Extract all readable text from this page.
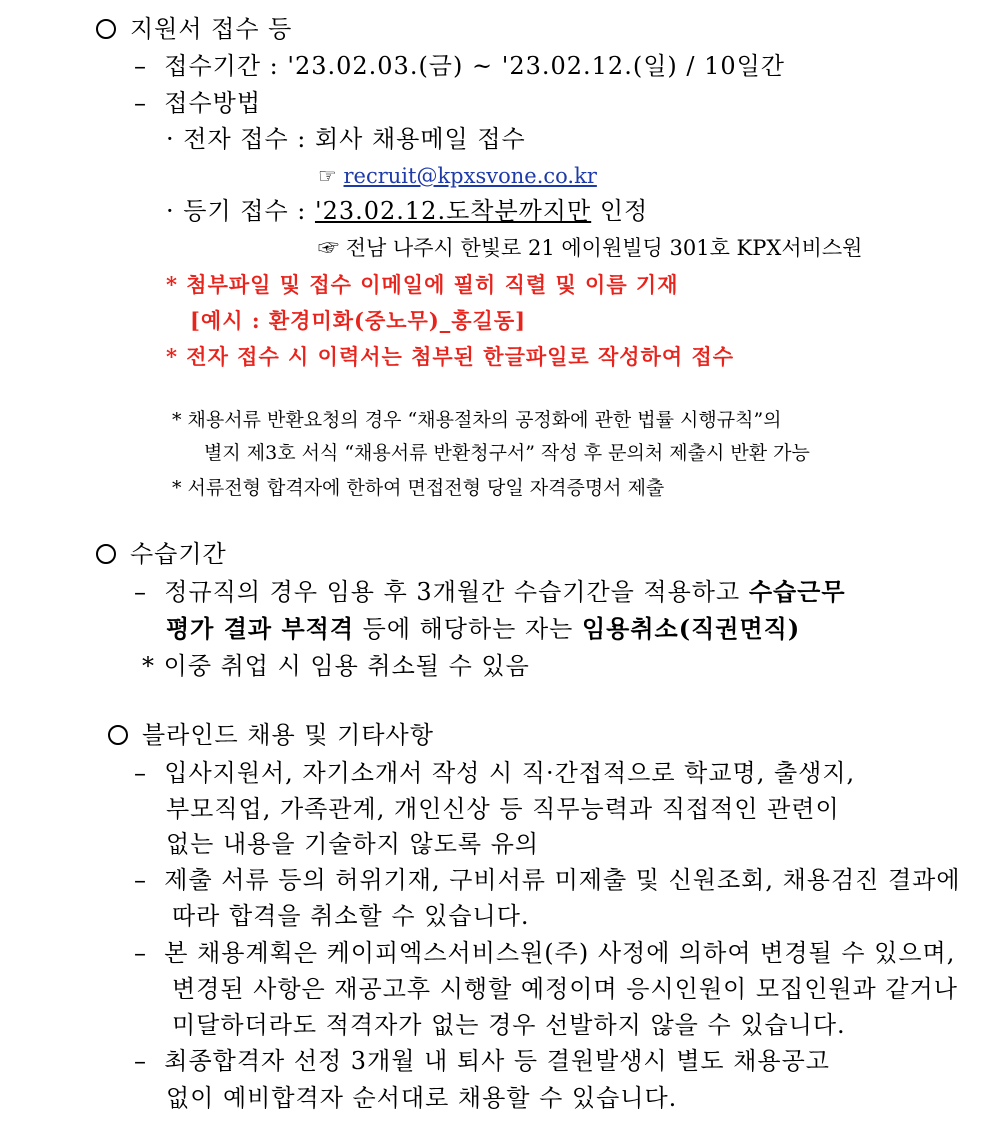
지원서 접수 등
– 접수기간 : '23.02.03.(금) ~ '23.02.12.(일) / 10일간
– 접수방법
· 전자 접수 : 회사 채용메일 접수
☞ recruit@kpxsvone.co.kr
· 등기 접수 : '23.02.12.도착분까지만 인정
☞ 전남 나주시 한빛로 21 에이원빌딩 301호 KPX서비스원
* 첨부파일 및 접수 이메일에 필히 직렬 및 이름 기재
[예시 : 환경미화(중노무)_홍길동]
* 전자 접수 시 이력서는 첨부된 한글파일로 작성하여 접수
* 채용서류 반환요청의 경우 “채용절차의 공정화에 관한 법률 시행규칙”의
별지 제3호 서식 “채용서류 반환청구서” 작성 후 문의처 제출시 반환 가능
* 서류전형 합격자에 한하여 면접전형 당일 자격증명서 제출
수습기간
– 정규직의 경우 임용 후 3개월간 수습기간을 적용하고 수습근무
평가 결과 부적격 등에 해당하는 자는 임용취소(직권면직)
* 이중 취업 시 임용 취소될 수 있음
블라인드 채용 및 기타사항
– 입사지원서, 자기소개서 작성 시 직·간접적으로 학교명, 출생지,
부모직업, 가족관계, 개인신상 등 직무능력과 직접적인 관련이
없는 내용을 기술하지 않도록 유의
– 제출 서류 등의 허위기재, 구비서류 미제출 및 신원조회, 채용검진 결과에
따라 합격을 취소할 수 있습니다.
– 본 채용계획은 케이피엑스서비스원(주) 사정에 의하여 변경될 수 있으며,
변경된 사항은 재공고후 시행할 예정이며 응시인원이 모집인원과 같거나
미달하더라도 적격자가 없는 경우 선발하지 않을 수 있습니다.
– 최종합격자 선정 3개월 내 퇴사 등 결원발생시 별도 채용공고
없이 예비합격자 순서대로 채용할 수 있습니다.
